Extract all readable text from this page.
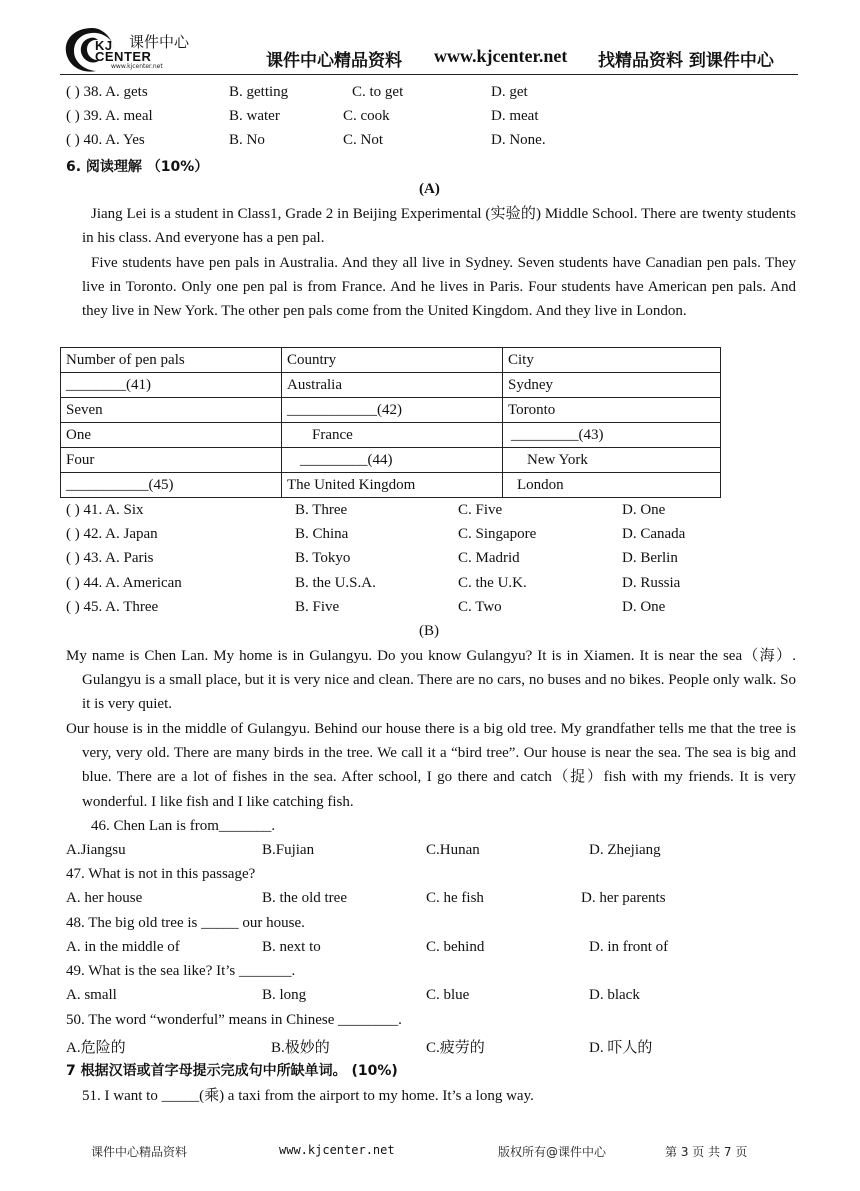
课件中心
KJ CENTER
www.kjcenter.net	课件中心精品资料 www.kjcenter.net 找精品资料 到课件中心
( ) 38. A. gets	B. getting	C. to get	D. get
( ) 39. A. meal	B. water	C. cook	D. meat
( ) 40. A. Yes	B. No	C. Not	D. None.
6. 阅读理解 （10%）
(A)
Jiang Lei is a student in Class1, Grade 2 in Beijing Experimental (实验的) Middle School. There are twenty students in his class. And everyone has a pen pal.
Five students have pen pals in Australia. And they all live in Sydney. Seven students have Canadian pen pals. They live in Toronto. Only one pen pal is from France. And he lives in Paris. Four students have American pen pals. And they live in New York. The other pen pals come from the United Kingdom. And they live in London.
Number of pen pals	Country	City
________(41)	Australia	Sydney
Seven	____________(42)	Toronto
One	France	_________(43)
Four	_________(44)	New York
___________(45)	The United Kingdom	London
( ) 41. A. Six	B. Three	C. Five	D. One
( ) 42. A. Japan	B. China	C. Singapore	D. Canada
( ) 43. A. Paris	B. Tokyo	C. Madrid	D. Berlin
( ) 44. A. American	B. the U.S.A.	C. the U.K.	D. Russia
( ) 45. A. Three	B. Five	C. Two	D. One
(B)
My name is Chen Lan. My home is in Gulangyu. Do you know Gulangyu? It is in Xiamen. It is near the sea（海）. Gulangyu is a small place, but it is very nice and clean. There are no cars, no buses and no bikes. People only walk. So it is very quiet.
Our house is in the middle of Gulangyu. Behind our house there is a big old tree. My grandfather tells me that the tree is very, very old. There are many birds in the tree. We call it a “bird tree”. Our house is near the sea. The sea is big and blue. There are a lot of fishes in the sea. After school, I go there and catch（捉）fish with my friends. It is very wonderful. I like fish and I like catching fish.
46. Chen Lan is from_______.
A.Jiangsu	B.Fujian	C.Hunan	D. Zhejiang
47. What is not in this passage?
A. her house	B. the old tree	C. he fish	D. her parents
48. The big old tree is _____ our house.
A. in the middle of	B. next to	C. behind	D. in front of
49. What is the sea like? It’s _______.
A. small	B. long	C. blue	D. black
50. The word “wonderful” means in Chinese ________.
A.危险的	B.极妙的	C.疲劳的	D. 吓人的
7 根据汉语或首字母提示完成句中所缺单词。 (10%)
51. I want to _____(乘) a taxi from the airport to my home. It’s a long way.
课件中心精品资料	www.kjcenter.net	版权所有@课件中心	第 3 页 共 7 页
